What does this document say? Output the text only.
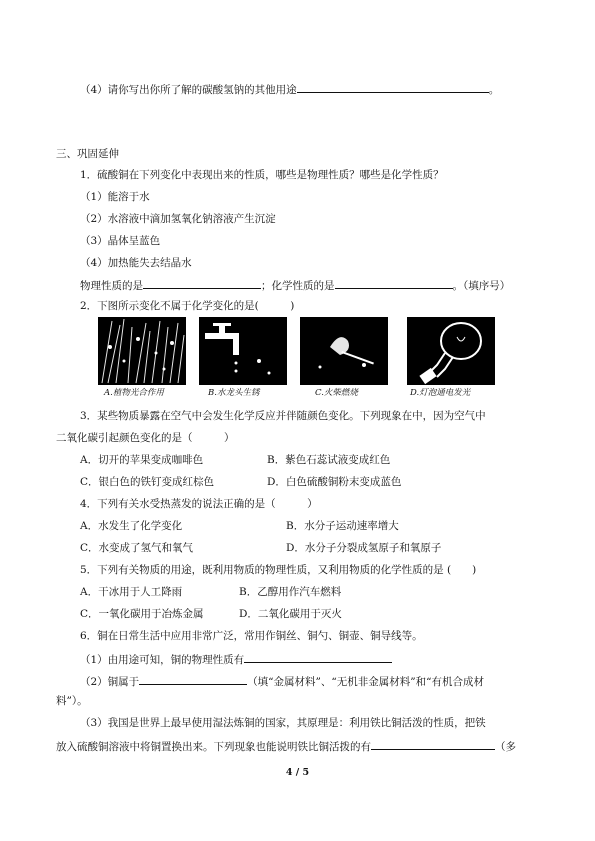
（4）请你写出你所了解的碳酸氢钠的其他用途	。
三、巩固延伸
1．硫酸铜在下列变化中表现出来的性质，哪些是物理性质？哪些是化学性质？
（1）能溶于水
（2）水溶液中滴加氢氧化钠溶液产生沉淀
（3）晶体呈蓝色
（4）加热能失去结晶水
物理性质的是	；化学性质的是	。（填序号）
2．下图所示变化不属于化学变化的是(　　　)
A.植物光合作用	B.水龙头生锈	C.火柴燃烧	D.灯泡通电发光
3．某些物质暴露在空气中会发生化学反应并伴随颜色变化。下列现象在中，因为空气中
二氧化碳引起颜色变化的是（　　　）
A．切开的苹果变成咖啡色	B．紫色石蕊试液变成红色
C．银白色的铁钉变成红棕色	D．白色硫酸铜粉末变成蓝色
4．下列有关水受热蒸发的说法正确的是（　　　）
A．水发生了化学变化	B．水分子运动速率增大
C．水变成了氢气和氧气	D．水分子分裂成氢原子和氧原子
5．下列有关物质的用途，既利用物质的物理性质，又利用物质的化学性质的是 (　　)
A．干冰用于人工降雨	B．乙醇用作汽车燃料
C．一氧化碳用于冶炼金属	D．二氧化碳用于灭火
6．铜在日常生活中应用非常广泛，常用作铜丝、铜勺、铜壶、铜导线等。
（1）由用途可知，铜的物理性质有
（2）铜属于	（填“金属材料”、“无机非金属材料”和“有机合成材
料”）。
（3）我国是世界上最早使用湿法炼铜的国家，其原理是：利用铁比铜活泼的性质，把铁
放入硫酸铜溶液中将铜置换出来。下列现象也能说明铁比铜活拨的有	（多
4 / 5
